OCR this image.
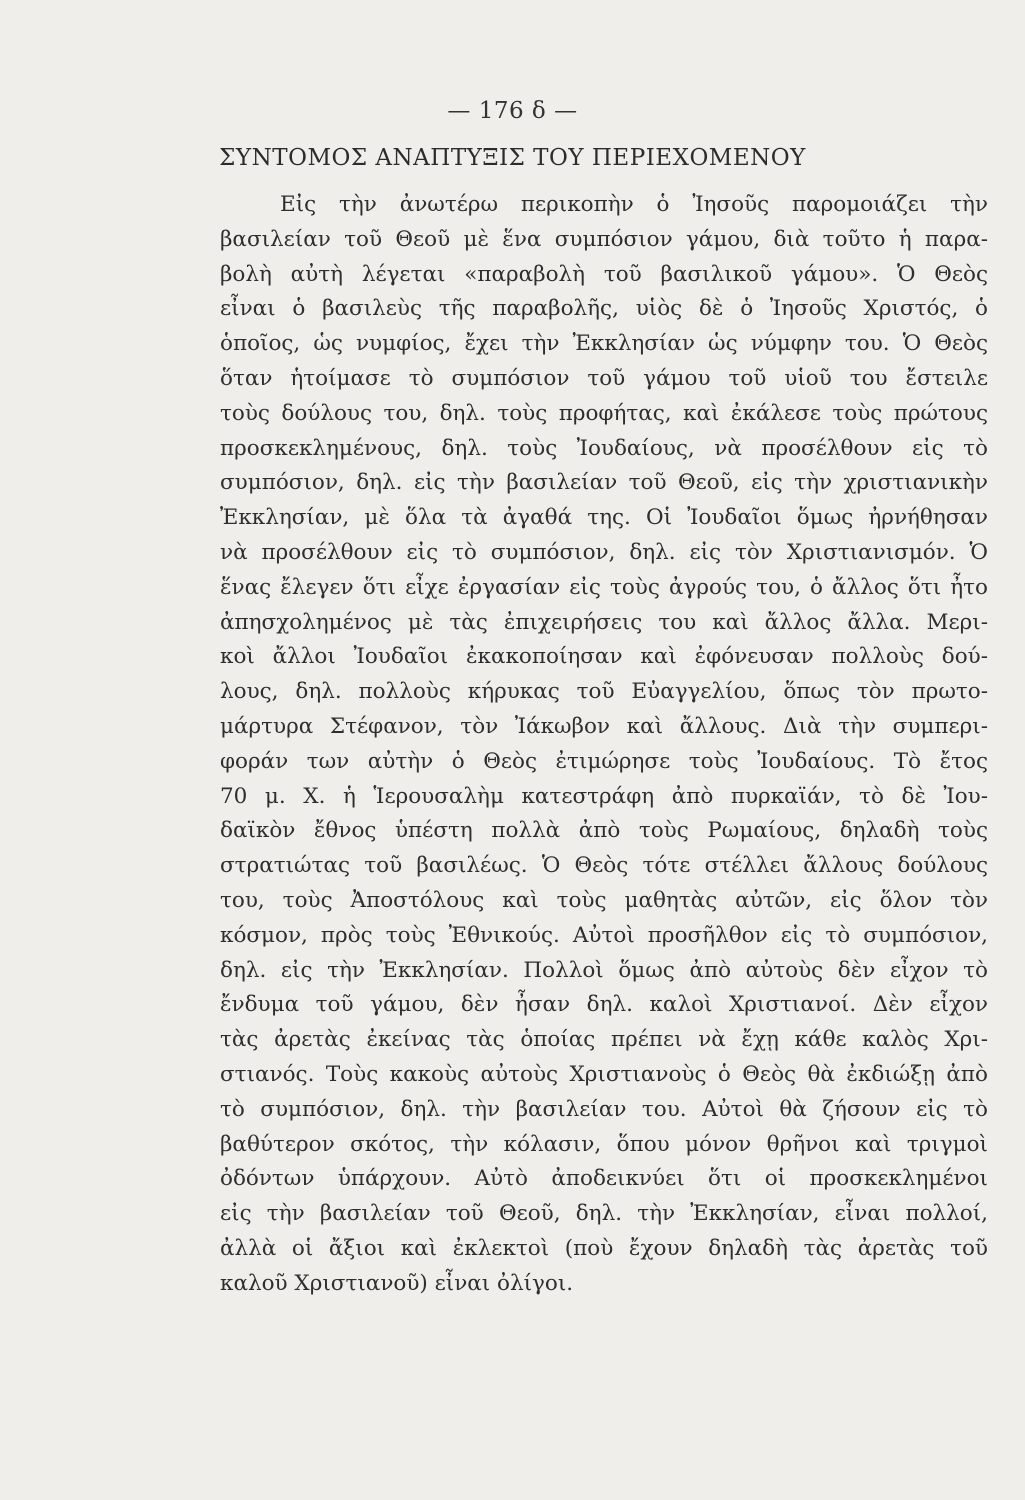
— 176 δ —
ΣΥΝΤΟΜΟΣ ΑΝΑΠΤΥΞΙΣ ΤΟΥ ΠΕΡΙΕΧΟΜΕΝΟΥ
Εἰς τὴν ἀνωτέρω περικοπὴν ὁ Ἰησοῦς παρομοιάζει τὴν
βασιλείαν τοῦ Θεοῦ μὲ ἕνα συμπόσιον γάμου, διὰ τοῦτο ἡ παρα-
βολὴ αὐτὴ λέγεται «παραβολὴ τοῦ βασιλικοῦ γάμου». Ὁ Θεὸς
εἶναι ὁ βασιλεὺς τῆς παραβολῆς, υἱὸς δὲ ὁ Ἰησοῦς Χριστός, ὁ
ὁποῖος, ὡς νυμφίος, ἔχει τὴν Ἐκκλησίαν ὡς νύμφην του. Ὁ Θεὸς
ὅταν ἡτοίμασε τὸ συμπόσιον τοῦ γάμου τοῦ υἱοῦ του ἔστειλε
τοὺς δούλους του, δηλ. τοὺς προφήτας, καὶ ἐκάλεσε τοὺς πρώτους
προσκεκλημένους, δηλ. τοὺς Ἰουδαίους, νὰ προσέλθουν εἰς τὸ
συμπόσιον, δηλ. εἰς τὴν βασιλείαν τοῦ Θεοῦ, εἰς τὴν χριστιανικὴν
Ἐκκλησίαν, μὲ ὅλα τὰ ἀγαθά της. Οἱ Ἰουδαῖοι ὅμως ἠρνήθησαν
νὰ προσέλθουν εἰς τὸ συμπόσιον, δηλ. εἰς τὸν Χριστιανισμόν. Ὁ
ἕνας ἔλεγεν ὅτι εἶχε ἐργασίαν εἰς τοὺς ἀγρούς του, ὁ ἄλλος ὅτι ἦτο
ἀπησχολημένος μὲ τὰς ἐπιχειρήσεις του καὶ ἄλλος ἄλλα. Μερι-
κοὶ ἄλλοι Ἰουδαῖοι ἐκακοποίησαν καὶ ἐφόνευσαν πολλοὺς δού-
λους, δηλ. πολλοὺς κήρυκας τοῦ Εὐαγγελίου, ὅπως τὸν πρωτο-
μάρτυρα Στέφανον, τὸν Ἰάκωβον καὶ ἄλλους. Διὰ τὴν συμπερι-
φοράν των αὐτὴν ὁ Θεὸς ἐτιμώρησε τοὺς Ἰουδαίους. Τὸ ἔτος
70 μ. Χ. ἡ Ἱερουσαλὴμ κατεστράφη ἀπὸ πυρκαϊάν, τὸ δὲ Ἰου-
δαϊκὸν ἔθνος ὑπέστη πολλὰ ἀπὸ τοὺς Ρωμαίους, δηλαδὴ τοὺς
στρατιώτας τοῦ βασιλέως. Ὁ Θεὸς τότε στέλλει ἄλλους δούλους
του, τοὺς Ἀποστόλους καὶ τοὺς μαθητὰς αὐτῶν, εἰς ὅλον τὸν
κόσμον, πρὸς τοὺς Ἐθνικούς. Αὐτοὶ προσῆλθον εἰς τὸ συμπόσιον,
δηλ. εἰς τὴν Ἐκκλησίαν. Πολλοὶ ὅμως ἀπὸ αὐτοὺς δὲν εἶχον τὸ
ἔνδυμα τοῦ γάμου, δὲν ἦσαν δηλ. καλοὶ Χριστιανοί. Δὲν εἶχον
τὰς ἀρετὰς ἐκείνας τὰς ὁποίας πρέπει νὰ ἔχῃ κάθε καλὸς Χρι-
στιανός. Τοὺς κακοὺς αὐτοὺς Χριστιανοὺς ὁ Θεὸς θὰ ἐκδιώξῃ ἀπὸ
τὸ συμπόσιον, δηλ. τὴν βασιλείαν του. Αὐτοὶ θὰ ζήσουν εἰς τὸ
βαθύτερον σκότος, τὴν κόλασιν, ὅπου μόνον θρῆνοι καὶ τριγμοὶ
ὀδόντων ὑπάρχουν. Αὐτὸ ἀποδεικνύει ὅτι οἱ προσκεκλημένοι
εἰς τὴν βασιλείαν τοῦ Θεοῦ, δηλ. τὴν Ἐκκλησίαν, εἶναι πολλοί,
ἀλλὰ οἱ ἄξιοι καὶ ἐκλεκτοὶ (ποὺ ἔχουν δηλαδὴ τὰς ἀρετὰς τοῦ
καλοῦ Χριστιανοῦ) εἶναι ὀλίγοι.
